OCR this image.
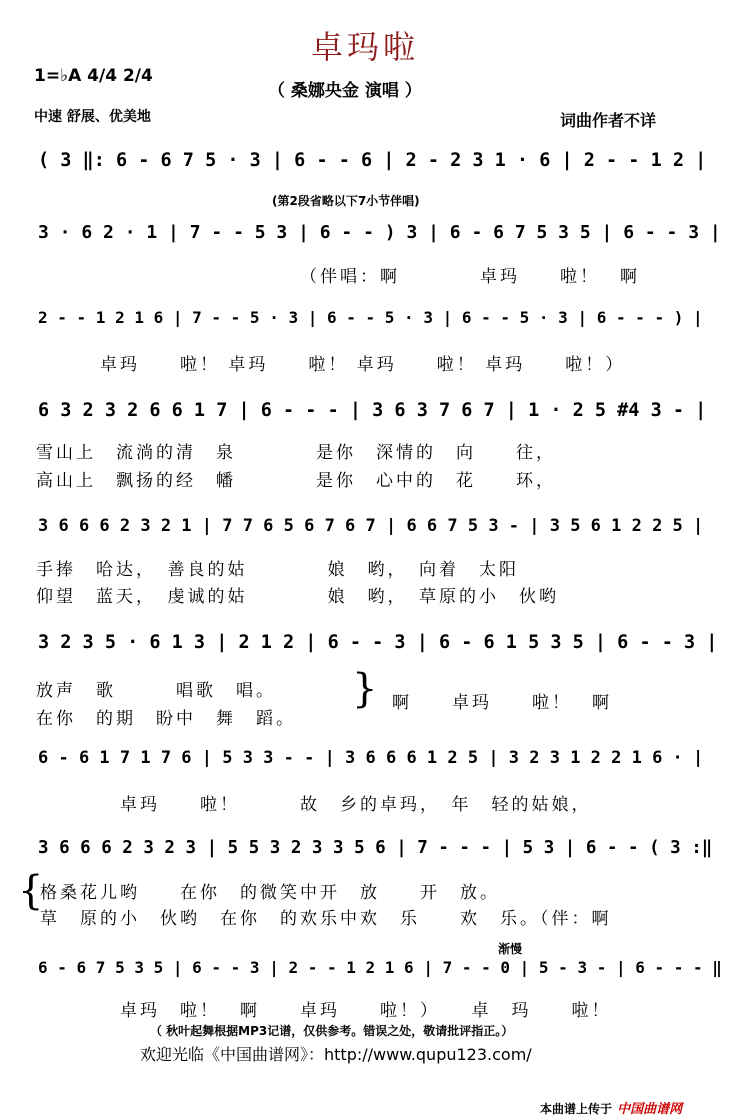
卓玛啦
1=♭A 4/4 2/4
（ 桑娜央金 演唱 ）
中速 舒展、优美地	词曲作者不详
( 3 ‖: 6 - 6 7 5 · 3 | 6 - - 6 | 2 - 2 3 1 · 6 | 2 - - 1 2 |
(第2段省略以下7小节伴唱)
3 · 6 2 · 1 | 7 - - 5 3 | 6 - - ) 3 | 6 - 6 7 5 3 5 | 6 - - 3 |
（伴唱：啊　　　　卓玛　　啦！　啊
2 - - 1 2 1 6 | 7 - - 5 · 3 | 6 - - 5 · 3 | 6 - - 5 · 3 | 6 - - - ) |
卓玛　　啦！ 卓玛　　啦！ 卓玛　　啦！ 卓玛　　啦！）
6 3 2 3 2 6 6 1 7 | 6 - - - | 3 6 3 7 6 7 | 1 · 2 5 #4 3 - |
雪山上　流淌的清　泉　　　　是你　深情的　向　　往，
高山上　飘扬的经　幡　　　　是你　心中的　花　　环，
3 6 6 6 2 3 2 1 | 7 7 6 5 6 7 6 7 | 6 6 7 5 3 - | 3 5 6 1 2 2 5 |
手捧　哈达，　善良的姑　　　　娘　哟，　向着　太阳
仰望　蓝天，　虔诚的姑　　　　娘　哟，　草原的小　伙哟
3 2 3 5 · 6 1 3 | 2 1 2 | 6 - - 3 | 6 - 6 1 5 3 5 | 6 - - 3 |
放声　歌　　　唱歌　唱。
在你　的期　盼中　舞　蹈。
} 啊　　卓玛　　啦！　啊
6 - 6 1 7 1 7 6 | 5 3 3 - - | 3 6 6 6 1 2 5 | 3 2 3 1 2 2 1 6 · |
卓玛　　啦！　　　故　乡的卓玛，　年　轻的姑娘，
3 6 6 6 2 3 2 3 | 5 5 3 2 3 3 5 6 | 7 - - - | 5 3 | 6 - - ( 3 :‖
{
格桑花儿哟　　在你　的微笑中开　放　　开　放。
草　原的小　伙哟　在你　的欢乐中欢　乐　　欢　乐。（伴：啊
渐慢
6 - 6 7 5 3 5 | 6 - - 3 | 2 - - 1 2 1 6 | 7 - - 0 | 5 - 3 - | 6 - - - ‖
卓玛　啦！　啊　　卓玛　　啦！）　　卓　玛　　啦！
（ 秋叶起舞根据MP3记谱，仅供参考。错误之处，敬请批评指正。）
欢迎光临《中国曲谱网》：http://www.qupu123.com/
本曲谱上传于 中国曲谱网
